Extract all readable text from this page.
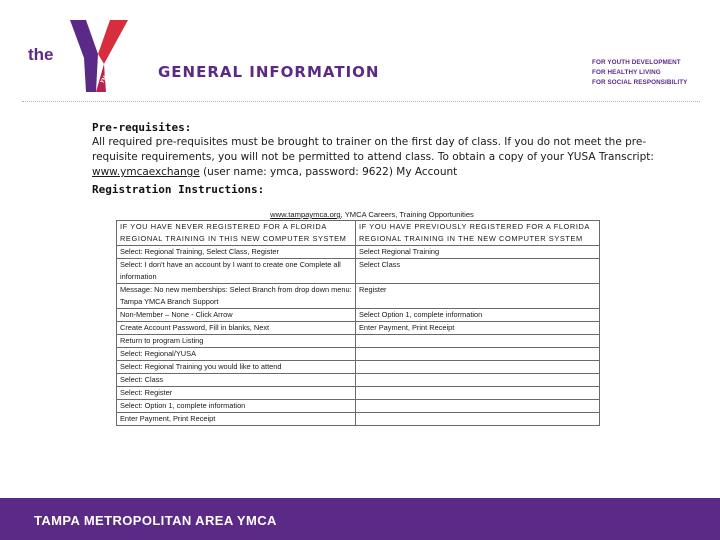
the
YMCA	GENERAL INFORMATION
FOR YOUTH DEVELOPMENT
FOR HEALTHY LIVING
FOR SOCIAL RESPONSIBILITY
Pre-requisites:
All required pre-requisites must be brought to trainer on the first day of class. If you do not meet the pre-requisite requirements, you will not be permitted to attend class. To obtain a copy of your YUSA Transcript: www.ymcaexchange (user name: ymca, password: 9622) My Account
Registration Instructions:
www.tampaymca.org, YMCA Careers, Training Opportunities
IF YOU HAVE NEVER REGISTERED FOR A FLORIDA REGIONAL TRAINING IN THIS NEW COMPUTER SYSTEM	IF YOU HAVE PREVIOUSLY REGISTERED FOR A FLORIDA REGIONAL TRAINING IN THE NEW COMPUTER SYSTEM
Select: Regional Training, Select Class, Register	Select Regional Training
Select: I don't have an account by I want to create one Complete all information	Select Class
Message: No new memberships: Select Branch from drop down menu: Tampa YMCA Branch Support	Register
Non-Member – None - Click Arrow	Select Option 1, complete information
Create Account Password, Fill in blanks, Next	Enter Payment, Print Receipt
Return to program Listing	
Select: Regional/YUSA	
Select: Regional Training you would like to attend	
Select: Class	
Select: Register	
Select: Option 1, complete information	
Enter Payment, Print Receipt	
TAMPA METROPOLITAN AREA YMCA
